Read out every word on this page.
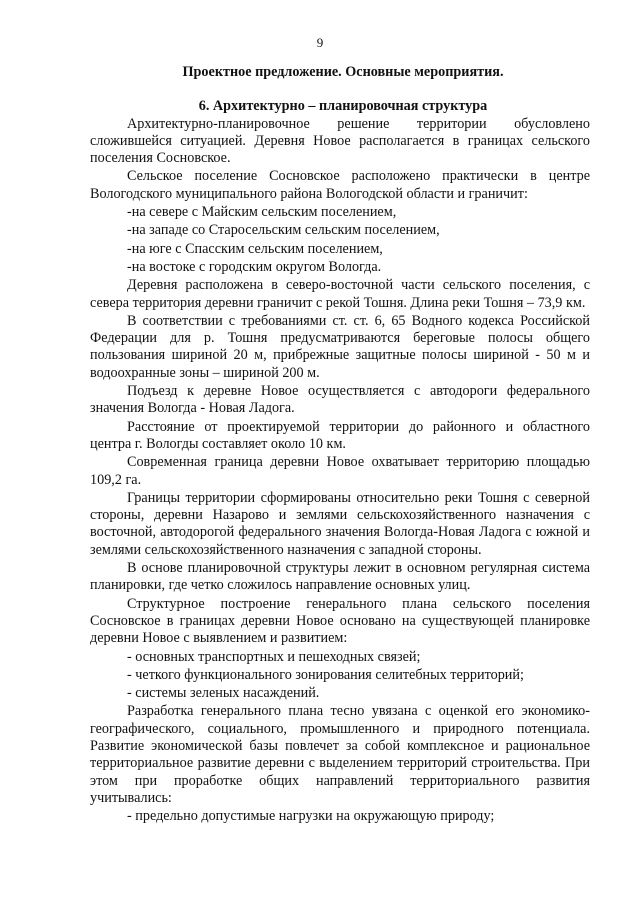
9

Проектное предложение. Основные мероприятия.

6. Архитектурно – планировочная структура

Архитектурно-планировочное решение территории обусловлено сложившейся ситуацией. Деревня Новое располагается в границах сельского поселения Сосновское.

Сельское поселение Сосновское расположено практически в центре Вологодского муниципального района Вологодской области и граничит:

-на севере с Майским сельским поселением,

-на западе со Старосельским сельским поселением,

-на юге с Спасским сельским поселением,

-на востоке с городским округом Вологда.

Деревня расположена в северо-восточной части сельского поселения, с севера территория деревни граничит с рекой Тошня. Длина реки Тошня – 73,9 км.

В соответствии с требованиями ст. ст. 6, 65 Водного кодекса Российской Федерации для р. Тошня предусматриваются береговые полосы общего пользования шириной 20 м, прибрежные защитные полосы шириной - 50 м и водоохранные зоны – шириной 200 м.

Подъезд к деревне Новое осуществляется с автодороги федерального значения Вологда - Новая Ладога.

Расстояние от проектируемой территории до районного и областного центра г. Вологды составляет около 10 км.

Современная граница деревни Новое охватывает территорию площадью 109,2 га.

Границы территории сформированы относительно реки Тошня с северной стороны, деревни Назарово и землями сельскохозяйственного назначения с восточной, автодорогой федерального значения Вологда-Новая Ладога с южной и землями сельскохозяйственного назначения с западной стороны.

В основе планировочной структуры лежит в основном регулярная система планировки, где четко сложилось направление основных улиц.

Структурное построение генерального плана сельского поселения Сосновское в границах деревни Новое основано на существующей планировке деревни Новое с выявлением и развитием:

- основных транспортных и пешеходных связей;

- четкого функционального зонирования селитебных территорий;

- системы зеленых насаждений.

Разработка генерального плана тесно увязана с оценкой его экономико-географического, социального, промышленного и природного потенциала. Развитие экономической базы повлечет за собой комплексное и рациональное территориальное развитие деревни с выделением территорий строительства. При этом при проработке общих направлений территориального развития учитывались:

- предельно допустимые нагрузки на окружающую природу;
